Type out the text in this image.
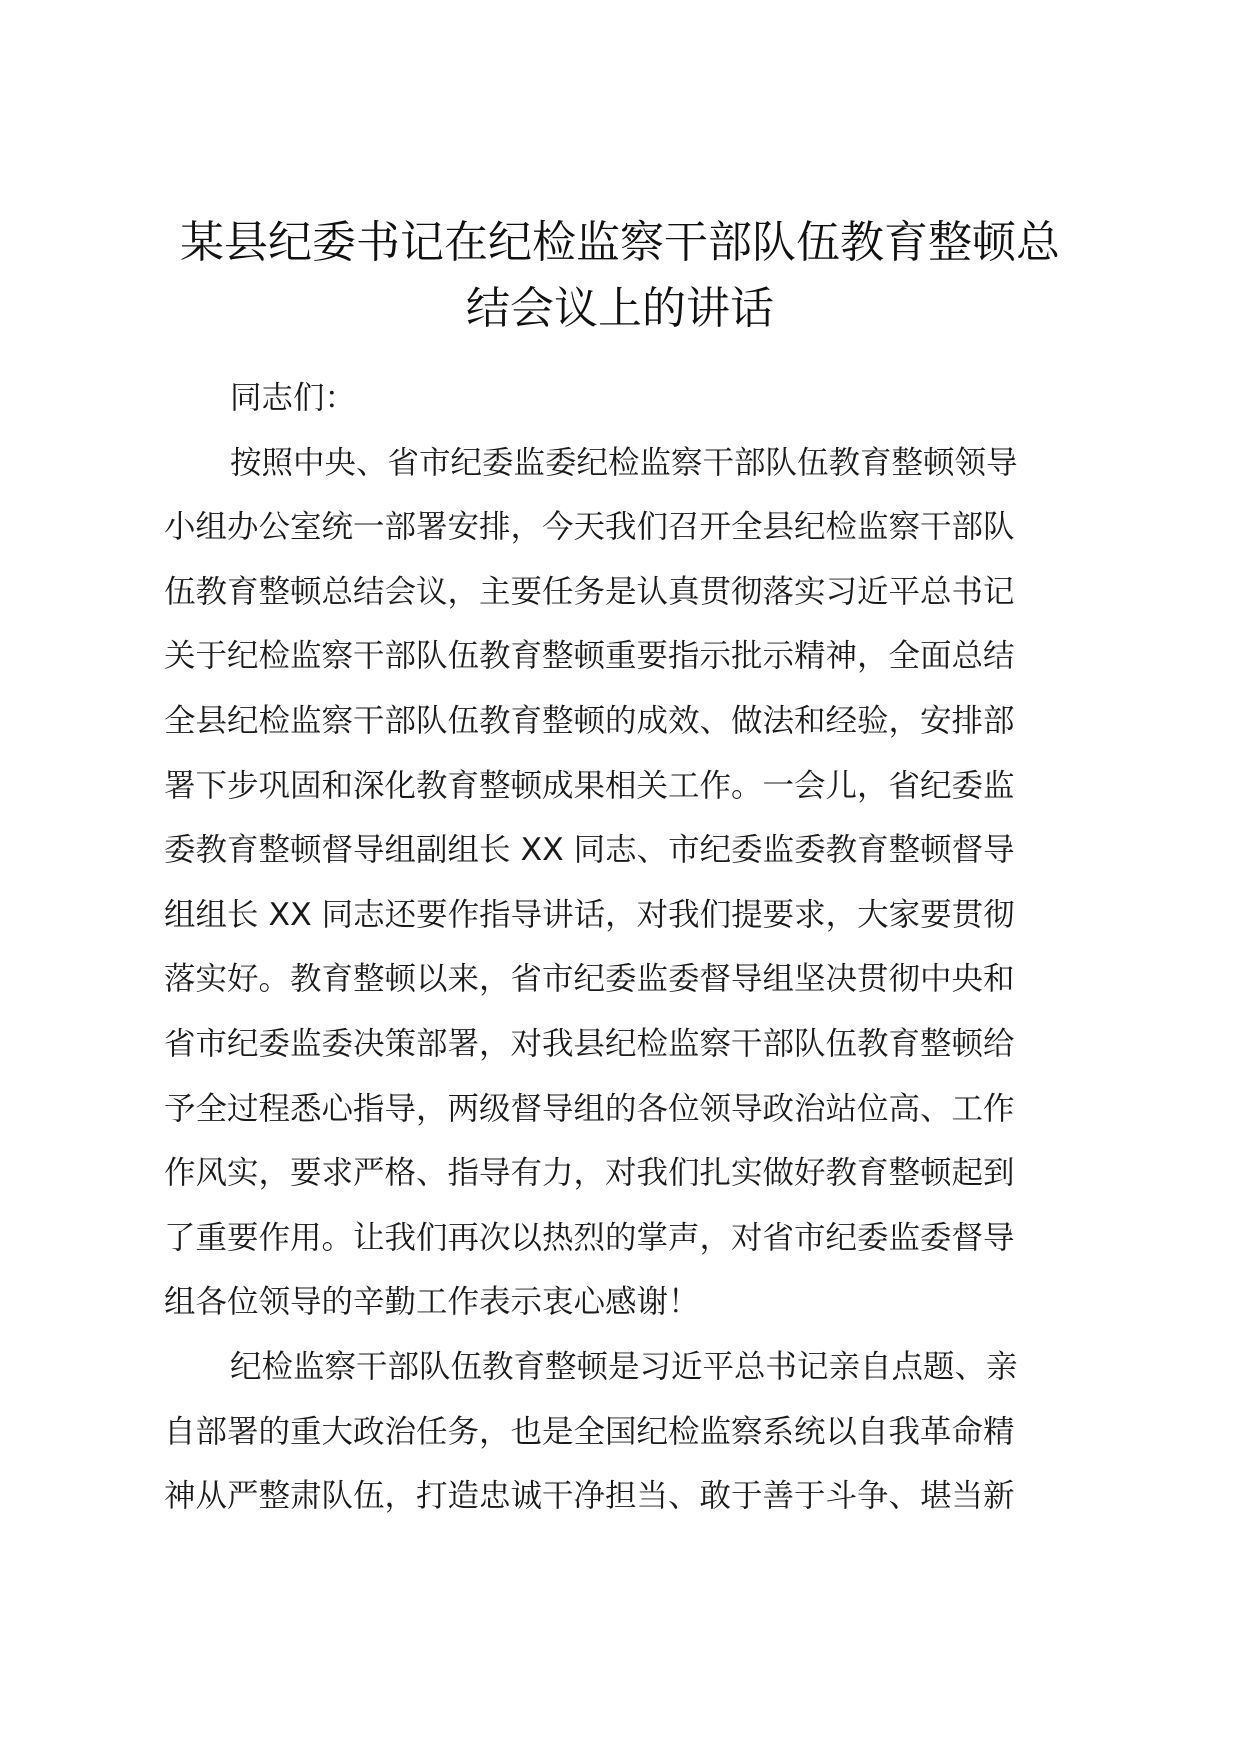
某县纪委书记在纪检监察干部队伍教育整顿总
结会议上的讲话
同志们：
按照中央、省市纪委监委纪检监察干部队伍教育整顿领导
小组办公室统一部署安排，今天我们召开全县纪检监察干部队
伍教育整顿总结会议，主要任务是认真贯彻落实习近平总书记
关于纪检监察干部队伍教育整顿重要指示批示精神，全面总结
全县纪检监察干部队伍教育整顿的成效、做法和经验，安排部
署下步巩固和深化教育整顿成果相关工作。一会儿，省纪委监
委教育整顿督导组副组长 XX 同志、市纪委监委教育整顿督导
组组长 XX 同志还要作指导讲话，对我们提要求，大家要贯彻
落实好。教育整顿以来，省市纪委监委督导组坚决贯彻中央和
省市纪委监委决策部署，对我县纪检监察干部队伍教育整顿给
予全过程悉心指导，两级督导组的各位领导政治站位高、工作
作风实，要求严格、指导有力，对我们扎实做好教育整顿起到
了重要作用。让我们再次以热烈的掌声，对省市纪委监委督导
组各位领导的辛勤工作表示衷心感谢！
纪检监察干部队伍教育整顿是习近平总书记亲自点题、亲
自部署的重大政治任务，也是全国纪检监察系统以自我革命精
神从严整肃队伍，打造忠诚干净担当、敢于善于斗争、堪当新
